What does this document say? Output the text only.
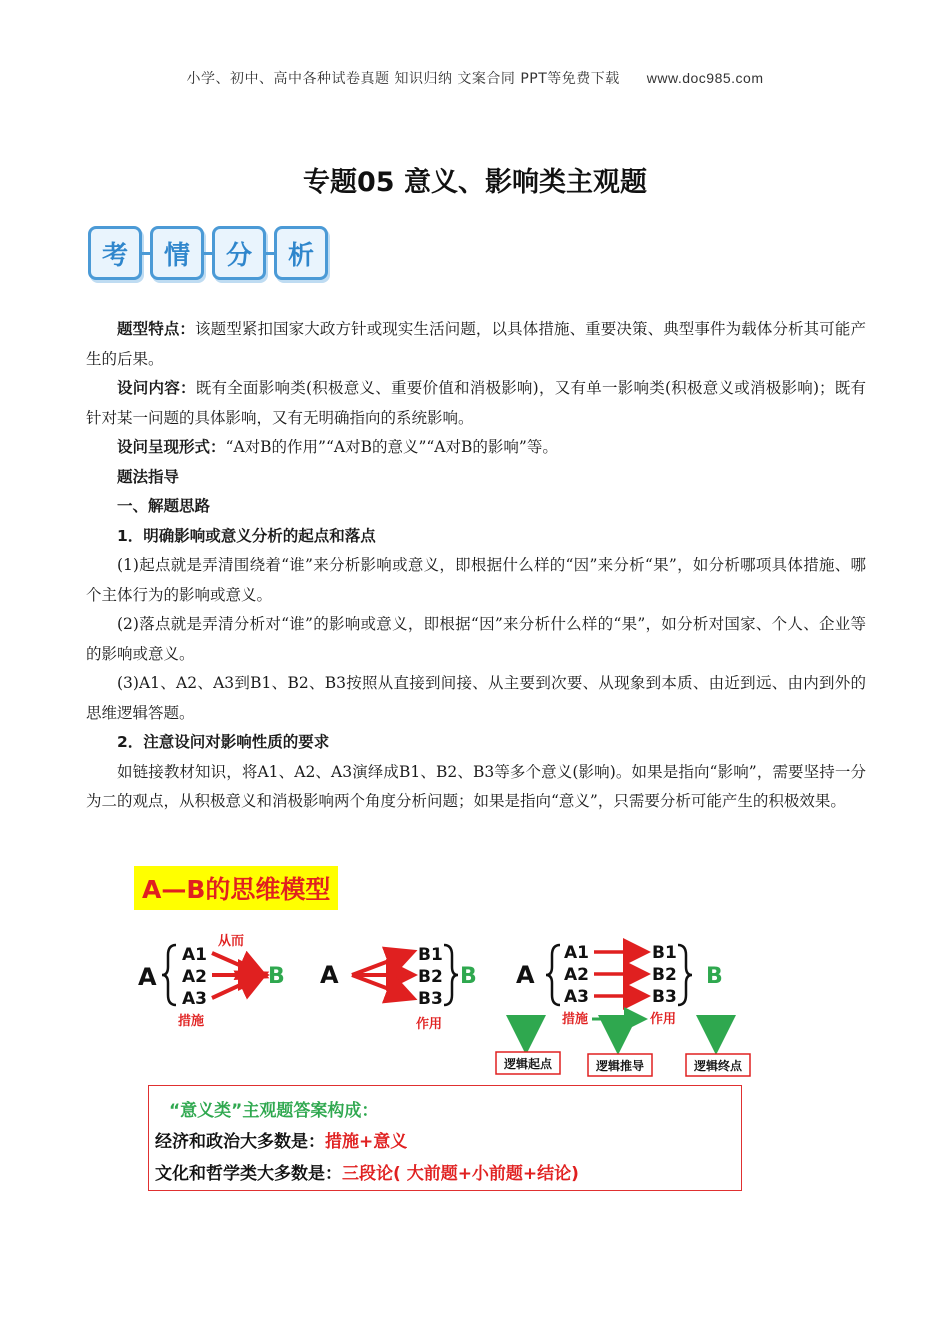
小学、初中、高中各种试卷真题 知识归纳 文案合同 PPT等免费下载 www.doc985.com
专题05 意义、影响类主观题
考	情	分	析

题型特点：该题型紧扣国家大政方针或现实生活问题，以具体措施、重要决策、典型事件为载体分析其可能产生的后果。

设问内容：既有全面影响类(积极意义、重要价值和消极影响)，又有单一影响类(积极意义或消极影响)；既有针对某一问题的具体影响，又有无明确指向的系统影响。

设问呈现形式：“A对B的作用”“A对B的意义”“A对B的影响”等。

题法指导

一、解题思路

1．明确影响或意义分析的起点和落点

(1)起点就是弄清围绕着“谁”来分析影响或意义，即根据什么样的“因”来分析“果”，如分析哪项具体措施、哪个主体行为的影响或意义。

(2)落点就是弄清分析对“谁”的影响或意义，即根据“因”来分析什么样的“果”，如分析对国家、个人、企业等的影响或意义。

(3)A1、A2、A3到B1、B2、B3按照从直接到间接、从主要到次要、从现象到本质、由近到远、由内到外的思维逻辑答题。

2．注意设问对影响性质的要求

如链接教材知识，将A1、A2、A3演绎成B1、B2、B3等多个意义(影响)。如果是指向“影响”，需要坚持一分为二的观点，从积极意义和消极影响两个角度分析问题；如果是指向“意义”，只需要分析可能产生的积极效果。

A—B的思维模型
A
A1
A2
A3
从而
B
措施
A
B1
B2
B3
B
作用
A
A1
A2
A3
B1
B2
B3
B
措施	作用
逻辑起点	逻辑推导	逻辑终点
“意义类”主观题答案构成：
经济和政治大多数是：措施+意义
文化和哲学类大多数是：三段论( 大前题+小前题+结论)
